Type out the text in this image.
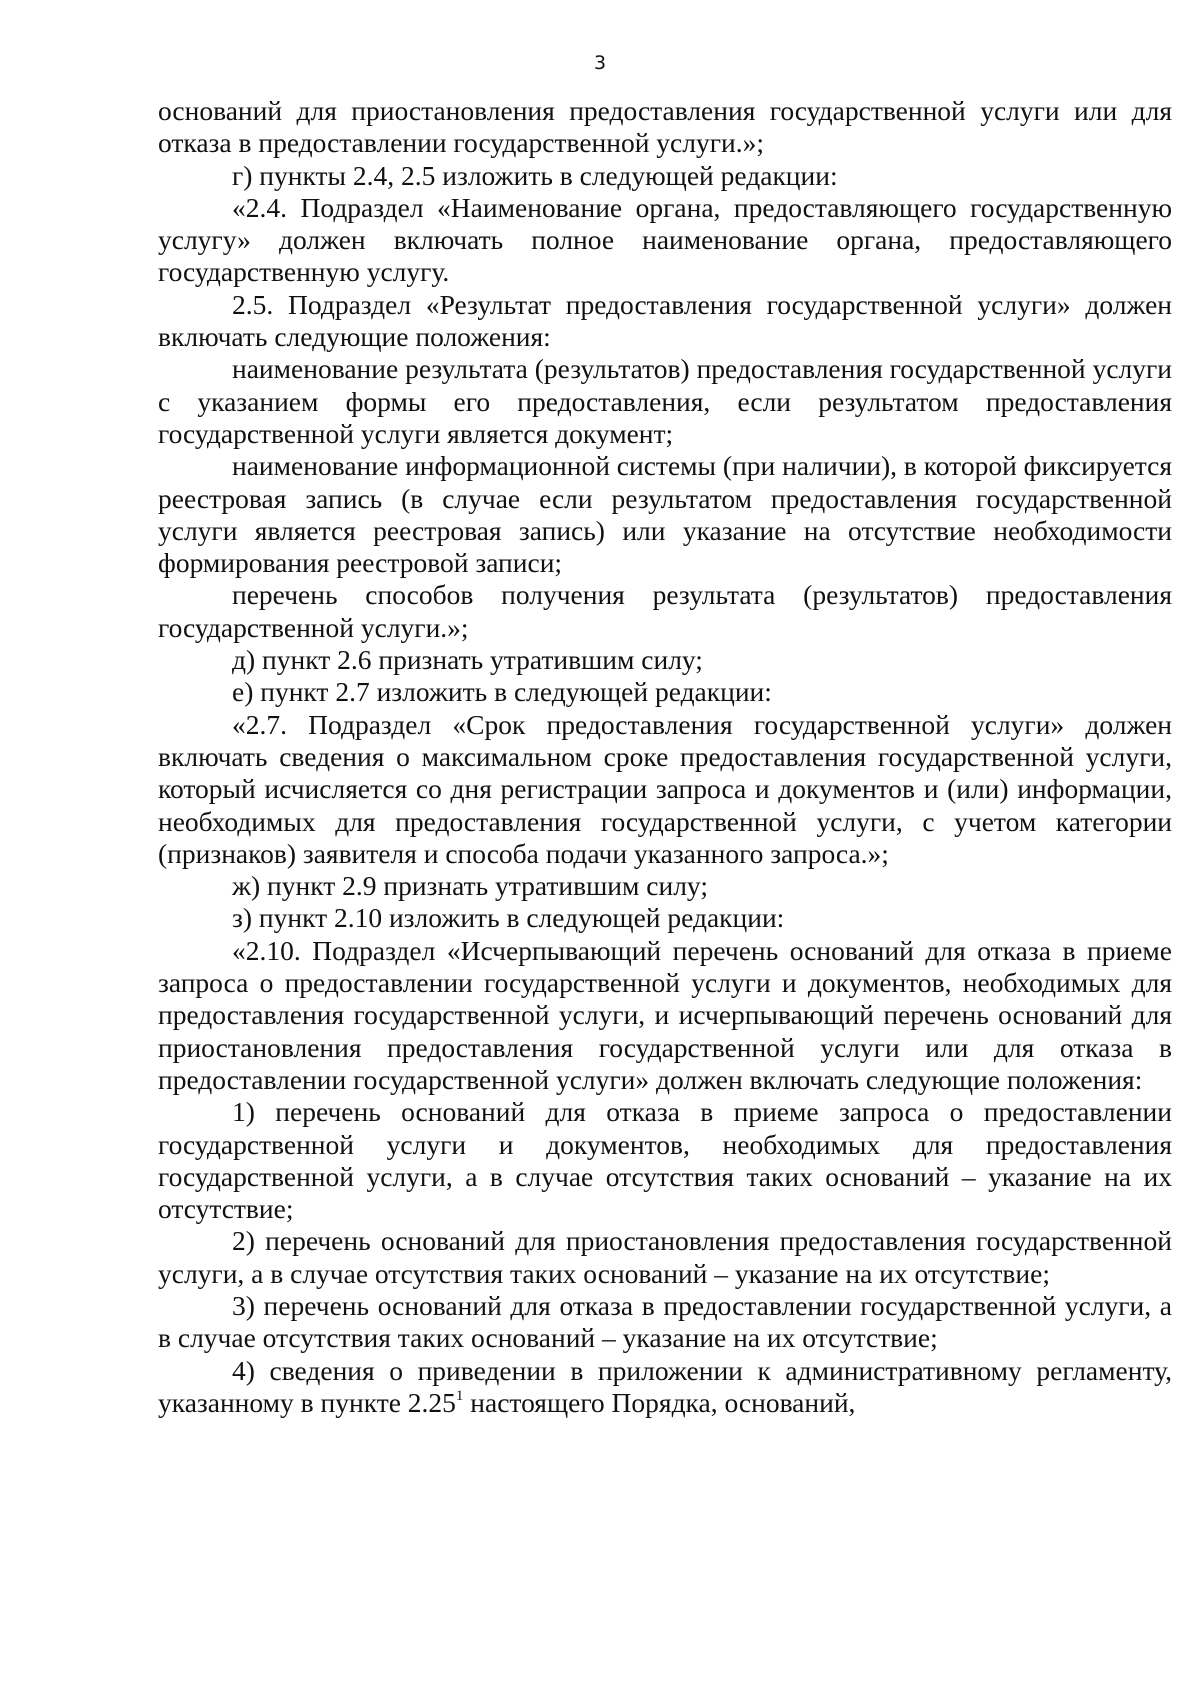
3

оснований для приостановления предоставления государственной услуги или для отказа в предоставлении государственной услуги.»;

г) пункты 2.4, 2.5 изложить в следующей редакции:

«2.4. Подраздел «Наименование органа, предоставляющего государственную услугу» должен включать полное наименование органа, предоставляющего государственную услугу.

2.5. Подраздел «Результат предоставления государственной услуги» должен включать следующие положения:

наименование результата (результатов) предоставления государственной услуги с указанием формы его предоставления, если результатом предоставления государственной услуги является документ;

наименование информационной системы (при наличии), в которой фиксируется реестровая запись (в случае если результатом предоставления государственной услуги является реестровая запись) или указание на отсутствие необходимости формирования реестровой записи;

перечень способов получения результата (результатов) предоставления государственной услуги.»;

д) пункт 2.6 признать утратившим силу;

е) пункт 2.7 изложить в следующей редакции:

«2.7. Подраздел «Срок предоставления государственной услуги» должен включать сведения о максимальном сроке предоставления государственной услуги, который исчисляется со дня регистрации запроса и документов и (или) информации, необходимых для предоставления государственной услуги, с учетом категории (признаков) заявителя и способа подачи указанного запроса.»;

ж) пункт 2.9 признать утратившим силу;

з) пункт 2.10 изложить в следующей редакции:

«2.10. Подраздел «Исчерпывающий перечень оснований для отказа в приеме запроса о предоставлении государственной услуги и документов, необходимых для предоставления государственной услуги, и исчерпывающий перечень оснований для приостановления предоставления государственной услуги или для отказа в предоставлении государственной услуги» должен включать следующие положения:

1) перечень оснований для отказа в приеме запроса о предоставлении государственной услуги и документов, необходимых для предоставления государственной услуги, а в случае отсутствия таких оснований – указание на их отсутствие;

2) перечень оснований для приостановления предоставления государственной услуги, а в случае отсутствия таких оснований – указание на их отсутствие;

3) перечень оснований для отказа в предоставлении государственной услуги, а в случае отсутствия таких оснований – указание на их отсутствие;

4) сведения о приведении в приложении к административному регламенту, указанному в пункте 2.25$^1$ настоящего Порядка, оснований,
